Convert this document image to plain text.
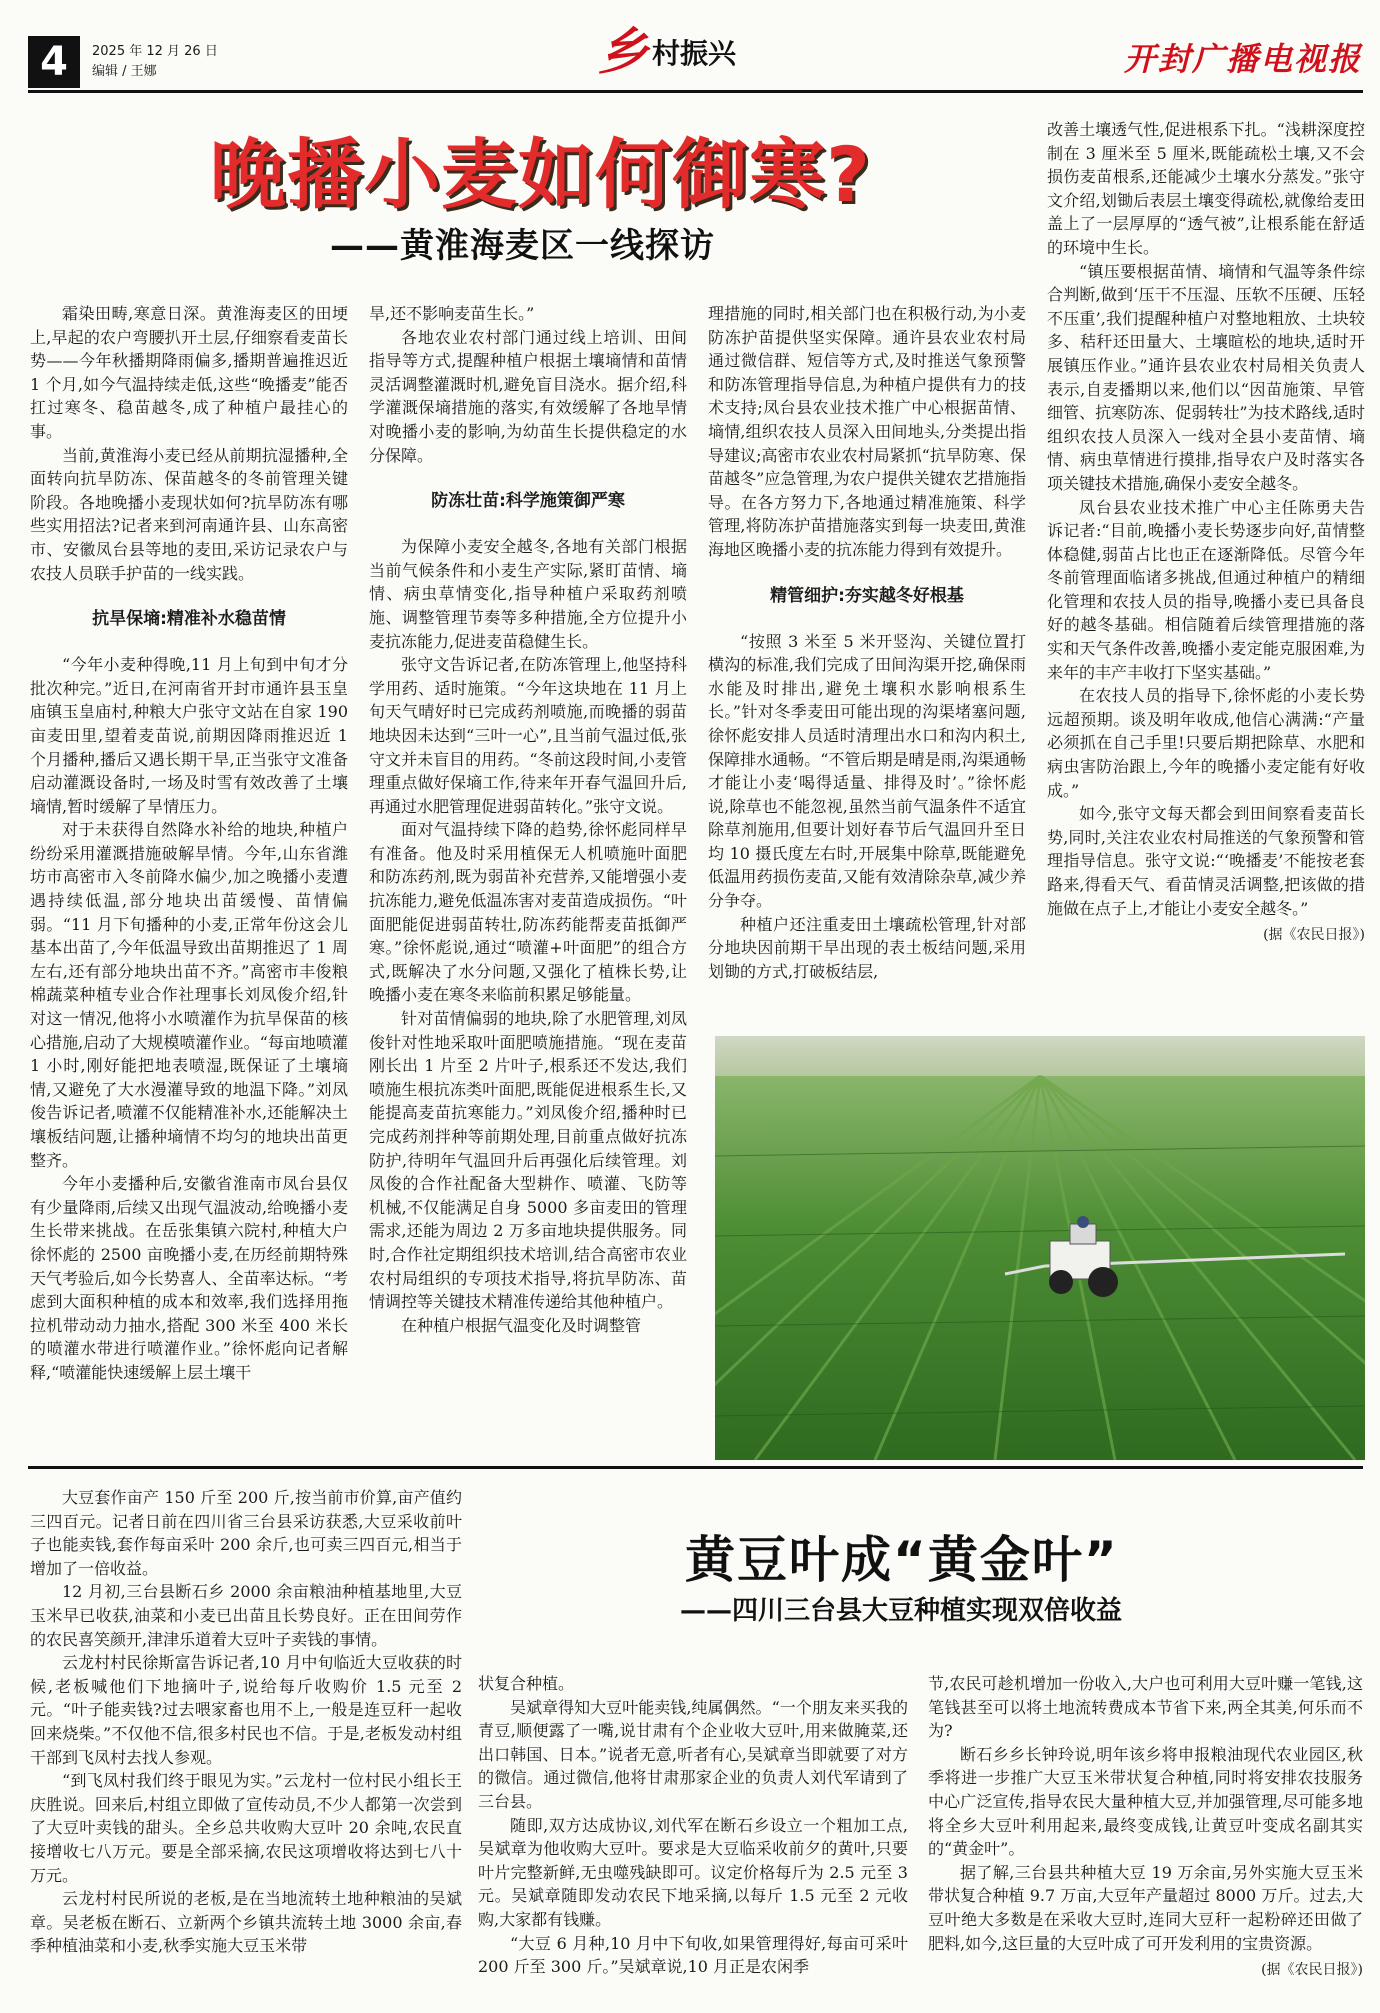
4	2025 年 12 月 26 日
编辑 / 王娜	乡 村振兴	开封广播电视报
晚播小麦如何御寒?
——黄淮海麦区一线探访

霜染田畴,寒意日深。黄淮海麦区的田埂上,早起的农户弯腰扒开土层,仔细察看麦苗长势——今年秋播期降雨偏多,播期普遍推迟近 1 个月,如今气温持续走低,这些“晚播麦”能否扛过寒冬、稳苗越冬,成了种植户最挂心的事。

当前,黄淮海小麦已经从前期抗湿播种,全面转向抗旱防冻、保苗越冬的冬前管理关键阶段。各地晚播小麦现状如何?抗旱防冻有哪些实用招法?记者来到河南通许县、山东高密市、安徽凤台县等地的麦田,采访记录农户与农技人员联手护苗的一线实践。

抗旱保墒:精准补水稳苗情

“今年小麦种得晚,11 月上旬到中旬才分批次种完。”近日,在河南省开封市通许县玉皇庙镇玉皇庙村,种粮大户张守文站在自家 190 亩麦田里,望着麦苗说,前期因降雨推迟近 1 个月播种,播后又遇长期干旱,正当张守文准备启动灌溉设备时,一场及时雪有效改善了土壤墒情,暂时缓解了旱情压力。

对于未获得自然降水补给的地块,种植户纷纷采用灌溉措施破解旱情。今年,山东省潍坊市高密市入冬前降水偏少,加之晚播小麦遭遇持续低温,部分地块出苗缓慢、苗情偏弱。“11 月下旬播种的小麦,正常年份这会儿基本出苗了,今年低温导致出苗期推迟了 1 周左右,还有部分地块出苗不齐。”高密市丰俊粮棉蔬菜种植专业合作社理事长刘凤俊介绍,针对这一情况,他将小水喷灌作为抗旱保苗的核心措施,启动了大规模喷灌作业。“每亩地喷灌 1 小时,刚好能把地表喷湿,既保证了土壤墒情,又避免了大水漫灌导致的地温下降。”刘凤俊告诉记者,喷灌不仅能精准补水,还能解决土壤板结问题,让播种墒情不均匀的地块出苗更整齐。

今年小麦播种后,安徽省淮南市凤台县仅有少量降雨,后续又出现气温波动,给晚播小麦生长带来挑战。在岳张集镇六院村,种植大户徐怀彪的 2500 亩晚播小麦,在历经前期特殊天气考验后,如今长势喜人、全苗率达标。“考虑到大面积种植的成本和效率,我们选择用拖拉机带动动力抽水,搭配 300 米至 400 米长的喷灌水带进行喷灌作业。”徐怀彪向记者解释,“喷灌能快速缓解上层土壤干

旱,还不影响麦苗生长。”

各地农业农村部门通过线上培训、田间指导等方式,提醒种植户根据土壤墒情和苗情灵活调整灌溉时机,避免盲目浇水。据介绍,科学灌溉保墒措施的落实,有效缓解了各地旱情对晚播小麦的影响,为幼苗生长提供稳定的水分保障。

防冻壮苗:科学施策御严寒

为保障小麦安全越冬,各地有关部门根据当前气候条件和小麦生产实际,紧盯苗情、墒情、病虫草情变化,指导种植户采取药剂喷施、调整管理节奏等多种措施,全方位提升小麦抗冻能力,促进麦苗稳健生长。

张守文告诉记者,在防冻管理上,他坚持科学用药、适时施策。“今年这块地在 11 月上旬天气晴好时已完成药剂喷施,而晚播的弱苗地块因未达到“三叶一心”,且当前气温过低,张守文并未盲目的用药。“冬前这段时间,小麦管理重点做好保墒工作,待来年开春气温回升后,再通过水肥管理促进弱苗转化。”张守文说。

面对气温持续下降的趋势,徐怀彪同样早有准备。他及时采用植保无人机喷施叶面肥和防冻药剂,既为弱苗补充营养,又能增强小麦抗冻能力,避免低温冻害对麦苗造成损伤。“叶面肥能促进弱苗转壮,防冻药能帮麦苗抵御严寒。”徐怀彪说,通过“喷灌+叶面肥”的组合方式,既解决了水分问题,又强化了植株长势,让晚播小麦在寒冬来临前积累足够能量。

针对苗情偏弱的地块,除了水肥管理,刘凤俊针对性地采取叶面肥喷施措施。“现在麦苗刚长出 1 片至 2 片叶子,根系还不发达,我们喷施生根抗冻类叶面肥,既能促进根系生长,又能提高麦苗抗寒能力。”刘凤俊介绍,播种时已完成药剂拌种等前期处理,目前重点做好抗冻防护,待明年气温回升后再强化后续管理。刘凤俊的合作社配备大型耕作、喷灌、飞防等机械,不仅能满足自身 5000 多亩麦田的管理需求,还能为周边 2 万多亩地块提供服务。同时,合作社定期组织技术培训,结合高密市农业农村局组织的专项技术指导,将抗旱防冻、苗情调控等关键技术精准传递给其他种植户。

在种植户根据气温变化及时调整管

理措施的同时,相关部门也在积极行动,为小麦防冻护苗提供坚实保障。通许县农业农村局通过微信群、短信等方式,及时推送气象预警和防冻管理指导信息,为种植户提供有力的技术支持;凤台县农业技术推广中心根据苗情、墒情,组织农技人员深入田间地头,分类提出指导建议;高密市农业农村局紧抓“抗旱防寒、保苗越冬”应急管理,为农户提供关键农艺措施指导。在各方努力下,各地通过精准施策、科学管理,将防冻护苗措施落实到每一块麦田,黄淮海地区晚播小麦的抗冻能力得到有效提升。

精管细护:夯实越冬好根基

“按照 3 米至 5 米开竖沟、关键位置打横沟的标准,我们完成了田间沟渠开挖,确保雨水能及时排出,避免土壤积水影响根系生长。”针对冬季麦田可能出现的沟渠堵塞问题,徐怀彪安排人员适时清理出水口和沟内积土,保障排水通畅。“不管后期是晴是雨,沟渠通畅才能让小麦‘喝得适量、排得及时’。”徐怀彪说,除草也不能忽视,虽然当前气温条件不适宜除草剂施用,但要计划好春节后气温回升至日均 10 摄氏度左右时,开展集中除草,既能避免低温用药损伤麦苗,又能有效清除杂草,减少养分争夺。

种植户还注重麦田土壤疏松管理,针对部分地块因前期干旱出现的表土板结问题,采用划锄的方式,打破板结层,

改善土壤透气性,促进根系下扎。“浅耕深度控制在 3 厘米至 5 厘米,既能疏松土壤,又不会损伤麦苗根系,还能减少土壤水分蒸发。”张守文介绍,划锄后表层土壤变得疏松,就像给麦田盖上了一层厚厚的“透气被”,让根系能在舒适的环境中生长。

“镇压要根据苗情、墒情和气温等条件综合判断,做到‘压干不压湿、压软不压硬、压轻不压重’,我们提醒种植户对整地粗放、土块较多、秸秆还田量大、土壤暄松的地块,适时开展镇压作业。”通许县农业农村局相关负责人表示,自麦播期以来,他们以“因苗施策、早管细管、抗寒防冻、促弱转壮”为技术路线,适时组织农技人员深入一线对全县小麦苗情、墒情、病虫草情进行摸排,指导农户及时落实各项关键技术措施,确保小麦安全越冬。

凤台县农业技术推广中心主任陈勇夫告诉记者:“目前,晚播小麦长势逐步向好,苗情整体稳健,弱苗占比也正在逐渐降低。尽管今年冬前管理面临诸多挑战,但通过种植户的精细化管理和农技人员的指导,晚播小麦已具备良好的越冬基础。相信随着后续管理措施的落实和天气条件改善,晚播小麦定能克服困难,为来年的丰产丰收打下坚实基础。”

在农技人员的指导下,徐怀彪的小麦长势远超预期。谈及明年收成,他信心满满:“产量必须抓在自己手里!只要后期把除草、水肥和病虫害防治跟上,今年的晚播小麦定能有好收成。”

如今,张守文每天都会到田间察看麦苗长势,同时,关注农业农村局推送的气象预警和管理指导信息。张守文说:“‘晚播麦’不能按老套路来,得看天气、看苗情灵活调整,把该做的措施做在点子上,才能让小麦安全越冬。”

(据《农民日报》)

黄豆叶成“黄金叶”
——四川三台县大豆种植实现双倍收益

大豆套作亩产 150 斤至 200 斤,按当前市价算,亩产值约三四百元。记者日前在四川省三台县采访获悉,大豆采收前叶子也能卖钱,套作每亩采叶 200 余斤,也可卖三四百元,相当于增加了一倍收益。

12 月初,三台县断石乡 2000 余亩粮油种植基地里,大豆玉米早已收获,油菜和小麦已出苗且长势良好。正在田间劳作的农民喜笑颜开,津津乐道着大豆叶子卖钱的事情。

云龙村村民徐斯富告诉记者,10 月中旬临近大豆收获的时候,老板喊他们下地摘叶子,说给每斤收购价 1.5 元至 2 元。“叶子能卖钱?过去喂家畜也用不上,一般是连豆秆一起收回来烧柴。”不仅他不信,很多村民也不信。于是,老板发动村组干部到飞凤村去找人参观。

“到飞凤村我们终于眼见为实。”云龙村一位村民小组长王庆胜说。回来后,村组立即做了宣传动员,不少人都第一次尝到了大豆叶卖钱的甜头。全乡总共收购大豆叶 20 余吨,农民直接增收七八万元。要是全部采摘,农民这项增收将达到七八十万元。

云龙村村民所说的老板,是在当地流转土地种粮油的吴斌章。吴老板在断石、立新两个乡镇共流转土地 3000 余亩,春季种植油菜和小麦,秋季实施大豆玉米带

状复合种植。

吴斌章得知大豆叶能卖钱,纯属偶然。“一个朋友来买我的青豆,顺便露了一嘴,说甘肃有个企业收大豆叶,用来做腌菜,还出口韩国、日本。”说者无意,听者有心,吴斌章当即就要了对方的微信。通过微信,他将甘肃那家企业的负责人刘代军请到了三台县。

随即,双方达成协议,刘代军在断石乡设立一个粗加工点,吴斌章为他收购大豆叶。要求是大豆临采收前夕的黄叶,只要叶片完整新鲜,无虫噬残缺即可。议定价格每斤为 2.5 元至 3 元。吴斌章随即发动农民下地采摘,以每斤 1.5 元至 2 元收购,大家都有钱赚。

“大豆 6 月种,10 月中下旬收,如果管理得好,每亩可采叶 200 斤至 300 斤。”吴斌章说,10 月正是农闲季

节,农民可趁机增加一份收入,大户也可利用大豆叶赚一笔钱,这笔钱甚至可以将土地流转费成本节省下来,两全其美,何乐而不为?

断石乡乡长钟玲说,明年该乡将申报粮油现代农业园区,秋季将进一步推广大豆玉米带状复合种植,同时将安排农技服务中心广泛宣传,指导农民大量种植大豆,并加强管理,尽可能多地将全乡大豆叶利用起来,最终变成钱,让黄豆叶变成名副其实的“黄金叶”。

据了解,三台县共种植大豆 19 万余亩,另外实施大豆玉米带状复合种植 9.7 万亩,大豆年产量超过 8000 万斤。过去,大豆叶绝大多数是在采收大豆时,连同大豆秆一起粉碎还田做了肥料,如今,这巨量的大豆叶成了可开发利用的宝贵资源。

(据《农民日报》)
